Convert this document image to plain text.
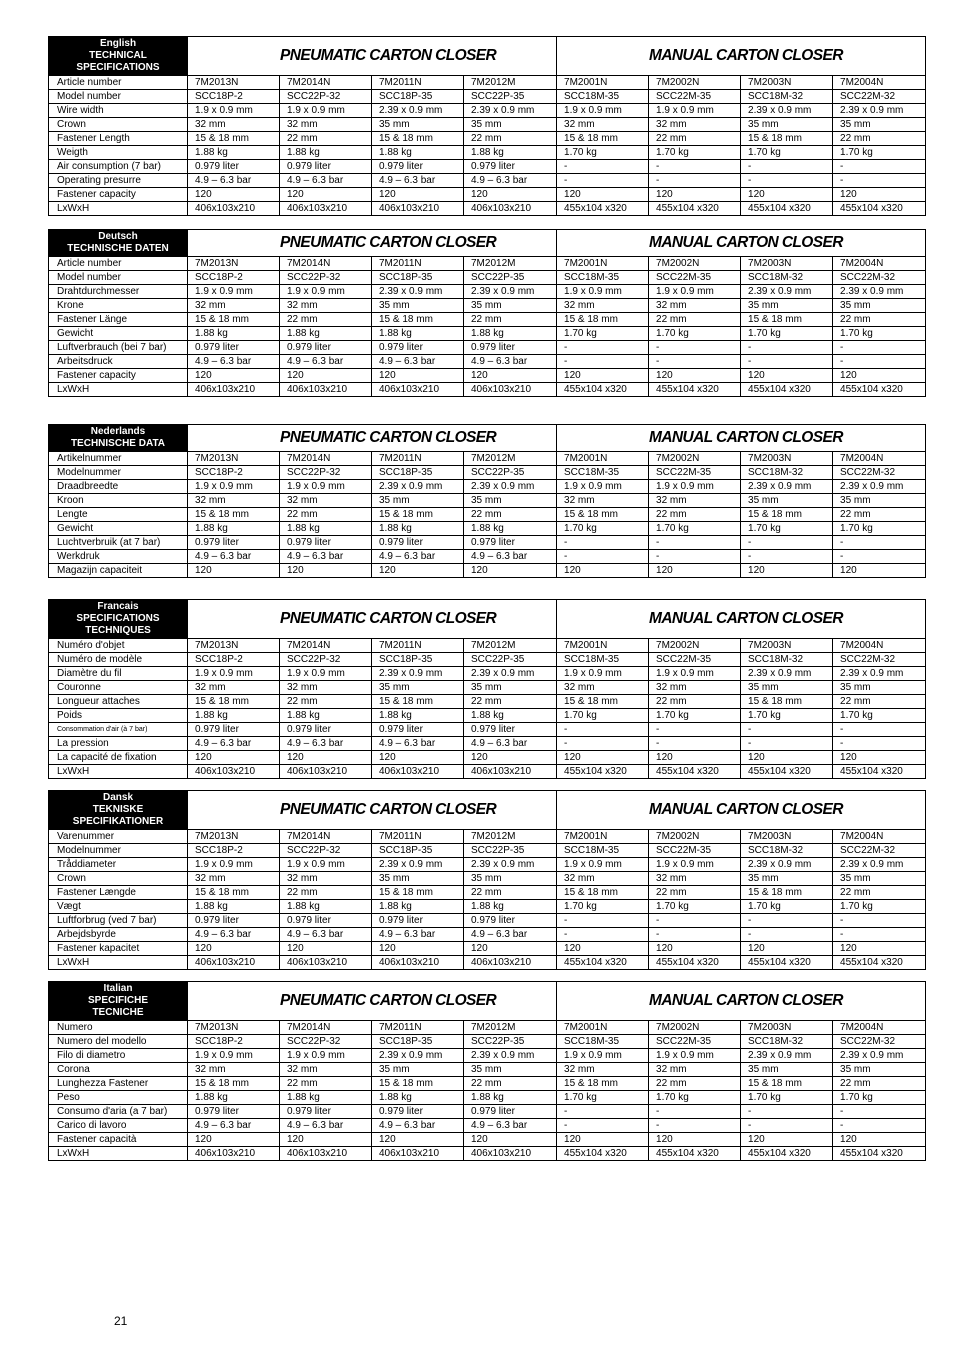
English
TECHNICAL
SPECIFICATIONS	PNEUMATIC CARTON CLOSER				MANUAL CARTON CLOSER			
Article number	7M2013N	7M2014N	7M2011N	7M2012M	7M2001N	7M2002N	7M2003N	7M2004N
Model number	SCC18P-2	SCC22P-32	SCC18P-35	SCC22P-35	SCC18M-35	SCC22M-35	SCC18M-32	SCC22M-32
Wire width	1.9 x 0.9 mm	1.9 x 0.9 mm	2.39 x 0.9 mm	2.39 x 0.9 mm	1.9 x 0.9 mm	1.9 x 0.9 mm	2.39 x 0.9 mm	2.39 x 0.9 mm
Crown	32 mm	32 mm	35 mm	35 mm	32 mm	32 mm	35 mm	35 mm
Fastener Length	15 & 18 mm	22 mm	15 & 18 mm	22 mm	15 & 18 mm	22 mm	15 & 18 mm	22 mm
Weigth	1.88 kg	1.88 kg	1.88 kg	1.88 kg	1.70 kg	1.70 kg	1.70 kg	1.70 kg
Air consumption (7 bar)	0.979 liter	0.979 liter	0.979 liter	0.979 liter	-	-	-	-
Operating presurre	4.9 – 6.3 bar	4.9 – 6.3 bar	4.9 – 6.3 bar	4.9 – 6.3 bar	-	-	-	-
Fastener capacity	120	120	120	120	120	120	120	120
LxWxH	406x103x210	406x103x210	406x103x210	406x103x210	455x104 x320	455x104 x320	455x104 x320	455x104 x320
Deutsch
TECHNISCHE DATEN	PNEUMATIC CARTON CLOSER				MANUAL CARTON CLOSER			
Article number	7M2013N	7M2014N	7M2011N	7M2012M	7M2001N	7M2002N	7M2003N	7M2004N
Model number	SCC18P-2	SCC22P-32	SCC18P-35	SCC22P-35	SCC18M-35	SCC22M-35	SCC18M-32	SCC22M-32
Drahtdurchmesser	1.9 x 0.9 mm	1.9 x 0.9 mm	2.39 x 0.9 mm	2.39 x 0.9 mm	1.9 x 0.9 mm	1.9 x 0.9 mm	2.39 x 0.9 mm	2.39 x 0.9 mm
Krone	32 mm	32 mm	35 mm	35 mm	32 mm	32 mm	35 mm	35 mm
Fastener Länge	15 & 18 mm	22 mm	15 & 18 mm	22 mm	15 & 18 mm	22 mm	15 & 18 mm	22 mm
Gewicht	1.88 kg	1.88 kg	1.88 kg	1.88 kg	1.70 kg	1.70 kg	1.70 kg	1.70 kg
Luftverbrauch (bei 7 bar)	0.979 liter	0.979 liter	0.979 liter	0.979 liter	-	-	-	-
Arbeitsdruck	4.9 – 6.3 bar	4.9 – 6.3 bar	4.9 – 6.3 bar	4.9 – 6.3 bar	-	-	-	-
Fastener capacity	120	120	120	120	120	120	120	120
LxWxH	406x103x210	406x103x210	406x103x210	406x103x210	455x104 x320	455x104 x320	455x104 x320	455x104 x320
Nederlands
TECHNISCHE DATA	PNEUMATIC CARTON CLOSER				MANUAL CARTON CLOSER			
Artikelnummer	7M2013N	7M2014N	7M2011N	7M2012M	7M2001N	7M2002N	7M2003N	7M2004N
Modelnummer	SCC18P-2	SCC22P-32	SCC18P-35	SCC22P-35	SCC18M-35	SCC22M-35	SCC18M-32	SCC22M-32
Draadbreedte	1.9 x 0.9 mm	1.9 x 0.9 mm	2.39 x 0.9 mm	2.39 x 0.9 mm	1.9 x 0.9 mm	1.9 x 0.9 mm	2.39 x 0.9 mm	2.39 x 0.9 mm
Kroon	32 mm	32 mm	35 mm	35 mm	32 mm	32 mm	35 mm	35 mm
Lengte	15 & 18 mm	22 mm	15 & 18 mm	22 mm	15 & 18 mm	22 mm	15 & 18 mm	22 mm
Gewicht	1.88 kg	1.88 kg	1.88 kg	1.88 kg	1.70 kg	1.70 kg	1.70 kg	1.70 kg
Luchtverbruik (at 7 bar)	0.979 liter	0.979 liter	0.979 liter	0.979 liter	-	-	-	-
Werkdruk	4.9 – 6.3 bar	4.9 – 6.3 bar	4.9 – 6.3 bar	4.9 – 6.3 bar	-	-	-	-
Magazijn capaciteit	120	120	120	120	120	120	120	120
Francais
SPECIFICATIONS
TECHNIQUES	PNEUMATIC CARTON CLOSER				MANUAL CARTON CLOSER			
Numéro d'objet	7M2013N	7M2014N	7M2011N	7M2012M	7M2001N	7M2002N	7M2003N	7M2004N
Numéro de modèle	SCC18P-2	SCC22P-32	SCC18P-35	SCC22P-35	SCC18M-35	SCC22M-35	SCC18M-32	SCC22M-32
Diamètre du fil	1.9 x 0.9 mm	1.9 x 0.9 mm	2.39 x 0.9 mm	2.39 x 0.9 mm	1.9 x 0.9 mm	1.9 x 0.9 mm	2.39 x 0.9 mm	2.39 x 0.9 mm
Couronne	32 mm	32 mm	35 mm	35 mm	32 mm	32 mm	35 mm	35 mm
Longueur attaches	15 & 18 mm	22 mm	15 & 18 mm	22 mm	15 & 18 mm	22 mm	15 & 18 mm	22 mm
Poids	1.88 kg	1.88 kg	1.88 kg	1.88 kg	1.70 kg	1.70 kg	1.70 kg	1.70 kg
Consommation d'air (à 7 bar)	0.979 liter	0.979 liter	0.979 liter	0.979 liter	-	-	-	-
La pression	4.9 – 6.3 bar	4.9 – 6.3 bar	4.9 – 6.3 bar	4.9 – 6.3 bar	-	-	-	-
La capacité de fixation	120	120	120	120	120	120	120	120
LxWxH	406x103x210	406x103x210	406x103x210	406x103x210	455x104 x320	455x104 x320	455x104 x320	455x104 x320
Dansk
TEKNISKE
SPECIFIKATIONER	PNEUMATIC CARTON CLOSER				MANUAL CARTON CLOSER			
Varenummer	7M2013N	7M2014N	7M2011N	7M2012M	7M2001N	7M2002N	7M2003N	7M2004N
Modelnummer	SCC18P-2	SCC22P-32	SCC18P-35	SCC22P-35	SCC18M-35	SCC22M-35	SCC18M-32	SCC22M-32
Tråddiameter	1.9 x 0.9 mm	1.9 x 0.9 mm	2.39 x 0.9 mm	2.39 x 0.9 mm	1.9 x 0.9 mm	1.9 x 0.9 mm	2.39 x 0.9 mm	2.39 x 0.9 mm
Crown	32 mm	32 mm	35 mm	35 mm	32 mm	32 mm	35 mm	35 mm
Fastener Længde	15 & 18 mm	22 mm	15 & 18 mm	22 mm	15 & 18 mm	22 mm	15 & 18 mm	22 mm
Vægt	1.88 kg	1.88 kg	1.88 kg	1.88 kg	1.70 kg	1.70 kg	1.70 kg	1.70 kg
Luftforbrug (ved 7 bar)	0.979 liter	0.979 liter	0.979 liter	0.979 liter	-	-	-	-
Arbejdsbyrde	4.9 – 6.3 bar	4.9 – 6.3 bar	4.9 – 6.3 bar	4.9 – 6.3 bar	-	-	-	-
Fastener kapacitet	120	120	120	120	120	120	120	120
LxWxH	406x103x210	406x103x210	406x103x210	406x103x210	455x104 x320	455x104 x320	455x104 x320	455x104 x320
Italian
SPECIFICHE
TECNICHE	PNEUMATIC CARTON CLOSER				MANUAL CARTON CLOSER			
Numero	7M2013N	7M2014N	7M2011N	7M2012M	7M2001N	7M2002N	7M2003N	7M2004N
Numero del modello	SCC18P-2	SCC22P-32	SCC18P-35	SCC22P-35	SCC18M-35	SCC22M-35	SCC18M-32	SCC22M-32
Filo di diametro	1.9 x 0.9 mm	1.9 x 0.9 mm	2.39 x 0.9 mm	2.39 x 0.9 mm	1.9 x 0.9 mm	1.9 x 0.9 mm	2.39 x 0.9 mm	2.39 x 0.9 mm
Corona	32 mm	32 mm	35 mm	35 mm	32 mm	32 mm	35 mm	35 mm
Lunghezza Fastener	15 & 18 mm	22 mm	15 & 18 mm	22 mm	15 & 18 mm	22 mm	15 & 18 mm	22 mm
Peso	1.88 kg	1.88 kg	1.88 kg	1.88 kg	1.70 kg	1.70 kg	1.70 kg	1.70 kg
Consumo d'aria (a 7 bar)	0.979 liter	0.979 liter	0.979 liter	0.979 liter	-	-	-	-
Carico di lavoro	4.9 – 6.3 bar	4.9 – 6.3 bar	4.9 – 6.3 bar	4.9 – 6.3 bar	-	-	-	-
Fastener capacità	120	120	120	120	120	120	120	120
LxWxH	406x103x210	406x103x210	406x103x210	406x103x210	455x104 x320	455x104 x320	455x104 x320	455x104 x320
21
